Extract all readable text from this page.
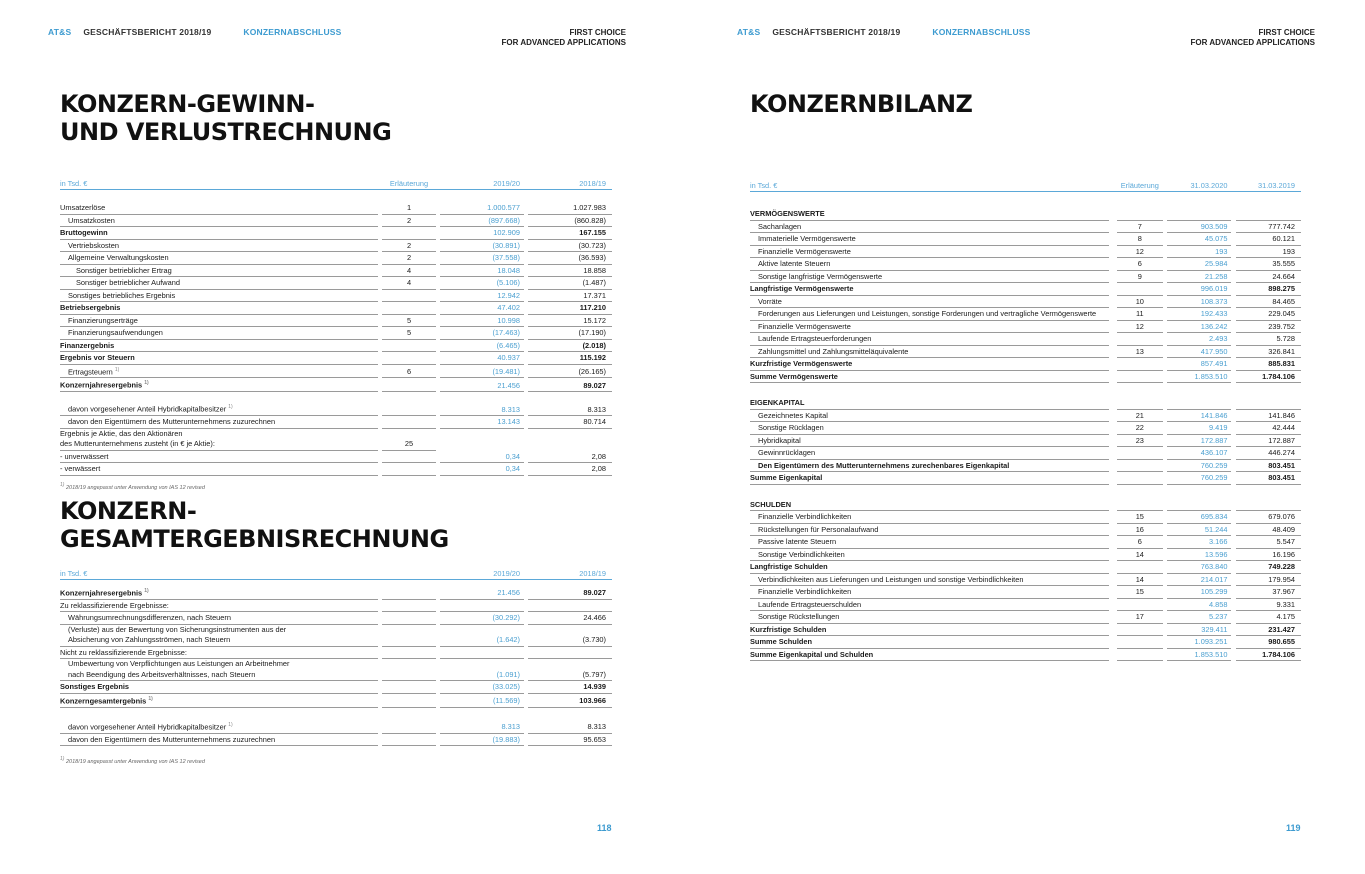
AT&S GESCHÄFTSBERICHT 2018/19	KONZERNABSCHLUSS	FIRST CHOICE
FOR ADVANCED APPLICATIONS
KONZERN-GEWINN-
UND VERLUSTRECHNUNG
in Tsd. €		Erläuterung		2019/20		2018/19

Umsatzerlöse		1		1.000.577		1.027.983
Umsatzkosten		2		(897.668)		(860.828)
Bruttogewinn				102.909		167.155
Vertriebskosten		2		(30.891)		(30.723)
Allgemeine Verwaltungskosten		2		(37.558)		(36.593)
Sonstiger betrieblicher Ertrag		4		18.048		18.858
Sonstiger betrieblicher Aufwand		4		(5.106)		(1.487)
Sonstiges betriebliches Ergebnis				12.942		17.371
Betriebsergebnis				47.402		117.210
Finanzierungserträge		5		10.998		15.172
Finanzierungsaufwendungen		5		(17.463)		(17.190)
Finanzergebnis				(6.465)		(2.018)
Ergebnis vor Steuern				40.937		115.192
Ertragsteuern $^{1)}$		6		(19.481)		(26.165)
Konzernjahresergebnis $^{1)}$				21.456		89.027

davon vorgesehener Anteil Hybridkapitalbesitzer $^{1)}$				8.313		8.313
davon den Eigentümern des Mutterunternehmens zuzurechnen				13.143		80.714

Ergebnis je Aktie, das den Aktionären
des Mutterunternehmens zusteht (in € je Aktie):		25				
- unverwässert				0,34		2,08
- verwässert				0,34		2,08
1) 2018/19 angepasst unter Anwendung von IAS 12 revised
KONZERN-
GESAMTERGEBNISRECHNUNG
in Tsd. €				2019/20		2018/19

Konzernjahresergebnis $^{1)}$				21.456		89.027
Zu reklassifizierende Ergebnisse:						
Währungsumrechnungsdifferenzen, nach Steuern				(30.292)		24.466

(Verluste) aus der Bewertung von Sicherungsinstrumenten aus der
Absicherung von Zahlungsströmen, nach Steuern				(1.642)		(3.730)
Nicht zu reklassifizierende Ergebnisse:						

Umbewertung von Verpflichtungen aus Leistungen an Arbeitnehmer
nach Beendigung des Arbeitsverhältnisses, nach Steuern				(1.091)		(5.797)
Sonstiges Ergebnis				(33.025)		14.939
Konzerngesamtergebnis $^{1)}$				(11.569)		103.966

davon vorgesehener Anteil Hybridkapitalbesitzer $^{1)}$				8.313		8.313
davon den Eigentümern des Mutterunternehmens zuzurechnen				(19.883)		95.653
1) 2018/19 angepasst unter Anwendung von IAS 12 revised
118
AT&S GESCHÄFTSBERICHT 2018/19	KONZERNABSCHLUSS	FIRST CHOICE
FOR ADVANCED APPLICATIONS
KONZERNBILANZ
in Tsd. €		Erläuterung		31.03.2020		31.03.2019

VERMÖGENSWERTE						
Sachanlagen		7		903.509		777.742
Immaterielle Vermögenswerte		8		45.075		60.121
Finanzielle Vermögenswerte		12		193		193
Aktive latente Steuern		6		25.984		35.555
Sonstige langfristige Vermögenswerte		9		21.258		24.664
Langfristige Vermögenswerte				996.019		898.275
Vorräte		10		108.373		84.465
Forderungen aus Lieferungen und Leistungen, sonstige Forderungen und vertragliche Vermögenswerte		11		192.433		229.045
Finanzielle Vermögenswerte		12		136.242		239.752
Laufende Ertragsteuerforderungen				2.493		5.728
Zahlungsmittel und Zahlungsmitteläquivalente		13		417.950		326.841
Kurzfristige Vermögenswerte				857.491		885.831
Summe Vermögenswerte				1.853.510		1.784.106

EIGENKAPITAL						
Gezeichnetes Kapital		21		141.846		141.846
Sonstige Rücklagen		22		9.419		42.444
Hybridkapital		23		172.887		172.887
Gewinnrücklagen				436.107		446.274
Den Eigentümern des Mutterunternehmens zurechenbares Eigenkapital				760.259		803.451
Summe Eigenkapital				760.259		803.451

SCHULDEN						
Finanzielle Verbindlichkeiten		15		695.834		679.076
Rückstellungen für Personalaufwand		16		51.244		48.409
Passive latente Steuern		6		3.166		5.547
Sonstige Verbindlichkeiten		14		13.596		16.196
Langfristige Schulden				763.840		749.228
Verbindlichkeiten aus Lieferungen und Leistungen und sonstige Verbindlichkeiten		14		214.017		179.954
Finanzielle Verbindlichkeiten		15		105.299		37.967
Laufende Ertragsteuerschulden				4.858		9.331
Sonstige Rückstellungen		17		5.237		4.175
Kurzfristige Schulden				329.411		231.427
Summe Schulden				1.093.251		980.655
Summe Eigenkapital und Schulden				1.853.510		1.784.106
119
